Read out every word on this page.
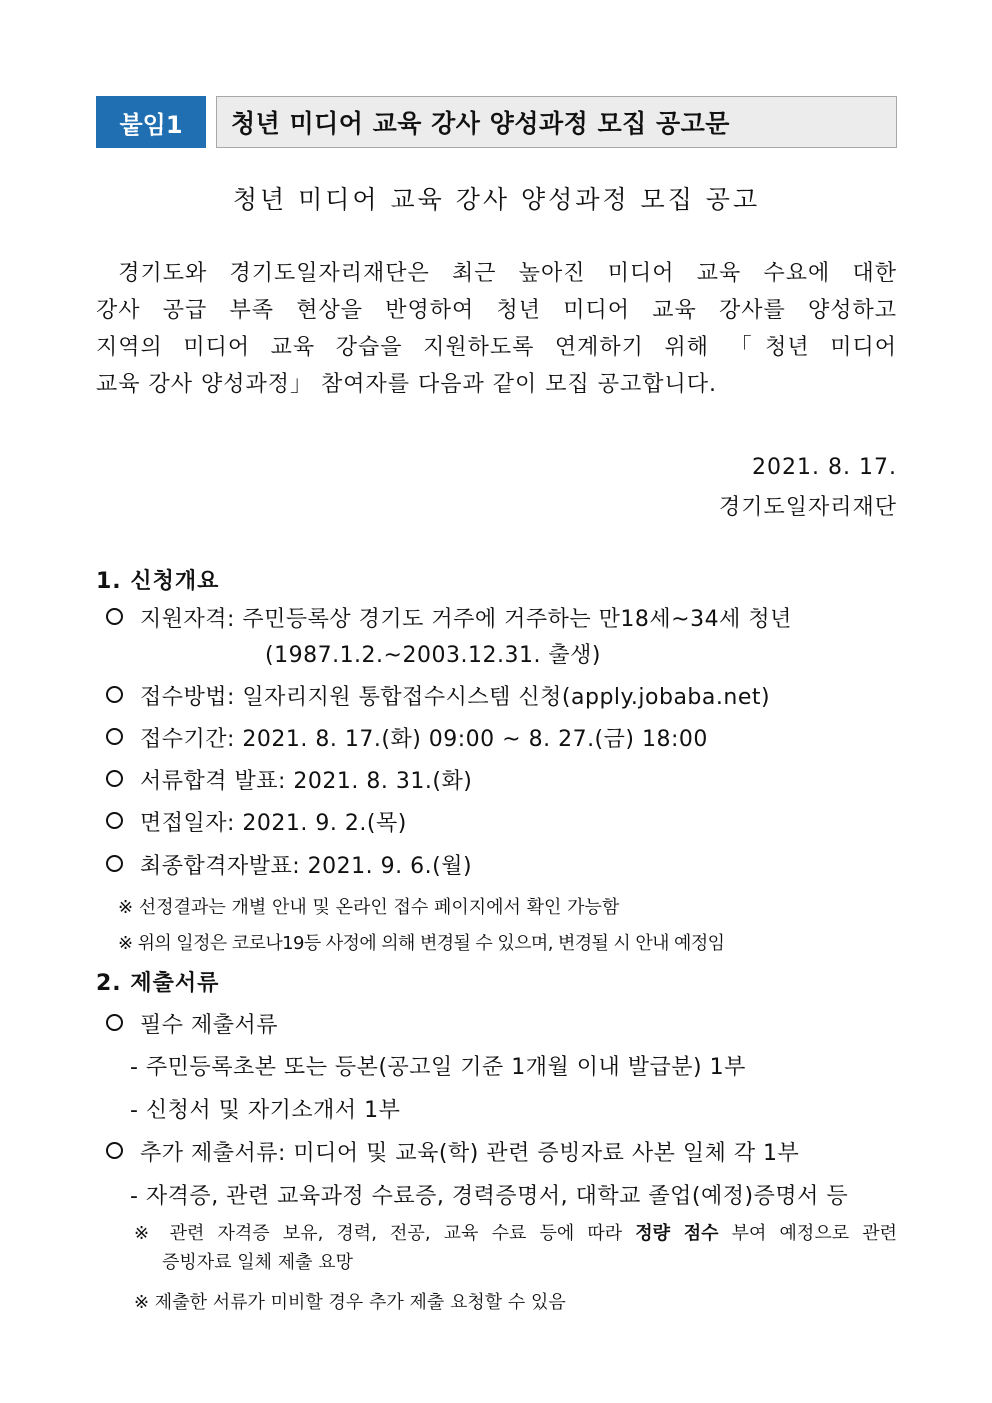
붙임1	청년 미디어 교육 강사 양성과정 모집 공고문
청년 미디어 교육 강사 양성과정 모집 공고

경기도와 경기도일자리재단은 최근 높아진 미디어 교육 수요에 대한

강사 공급 부족 현상을 반영하여 청년 미디어 교육 강사를 양성하고

지역의 미디어 교육 강습을 지원하도록 연계하기 위해 「청년 미디어

교육 강사 양성과정」 참여자를 다음과 같이 모집 공고합니다.

2021. 8. 17.
경기도일자리재단
1. 신청개요
지원자격: 주민등록상 경기도 거주에 거주하는 만18세~34세 청년
(1987.1.2.~2003.12.31. 출생)
접수방법: 일자리지원 통합접수시스템 신청(apply.jobaba.net)
접수기간: 2021. 8. 17.(화) 09:00 ~ 8. 27.(금) 18:00
서류합격 발표: 2021. 8. 31.(화)
면접일자: 2021. 9. 2.(목)
최종합격자발표: 2021. 9. 6.(월)
※ 선정결과는 개별 안내 및 온라인 접수 페이지에서 확인 가능함
※ 위의 일정은 코로나19등 사정에 의해 변경될 수 있으며, 변경될 시 안내 예정임
2. 제출서류
필수 제출서류
- 주민등록초본 또는 등본(공고일 기준 1개월 이내 발급분) 1부
- 신청서 및 자기소개서 1부
추가 제출서류: 미디어 및 교육(학) 관련 증빙자료 사본 일체 각 1부
- 자격증, 관련 교육과정 수료증, 경력증명서, 대학교 졸업(예정)증명서 등
※ 관련 자격증 보유, 경력, 전공, 교육 수료 등에 따라 정량 점수 부여 예정으로 관련
증빙자료 일체 제출 요망
※ 제출한 서류가 미비할 경우 추가 제출 요청할 수 있음
